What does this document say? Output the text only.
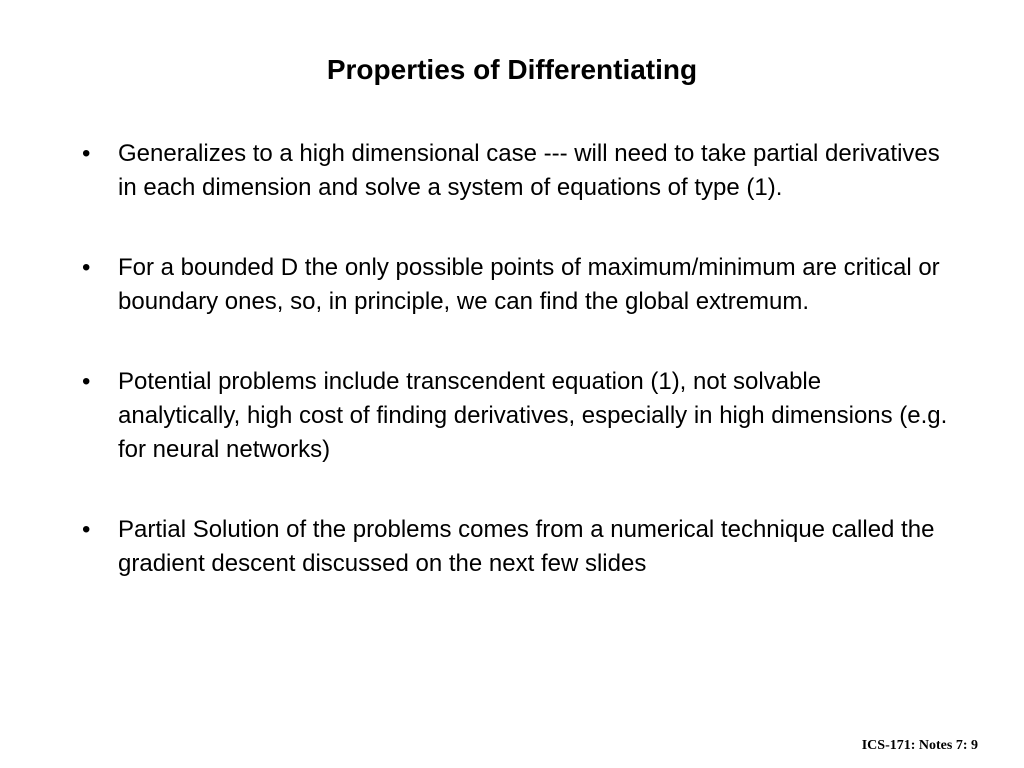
Properties of Differentiating
• Generalizes to a high dimensional case --- will need to take partial derivatives in each dimension and solve a system of equations of type (1).
• For a bounded D the only possible points of maximum/minimum are critical or boundary ones, so, in principle, we can find the global extremum.
• Potential problems include transcendent equation (1), not solvable analytically, high cost of finding derivatives, especially in high dimensions (e.g. for neural networks)
• Partial Solution of the problems comes from a numerical technique called the gradient descent discussed on the next few slides
ICS-171: Notes 7: 9
